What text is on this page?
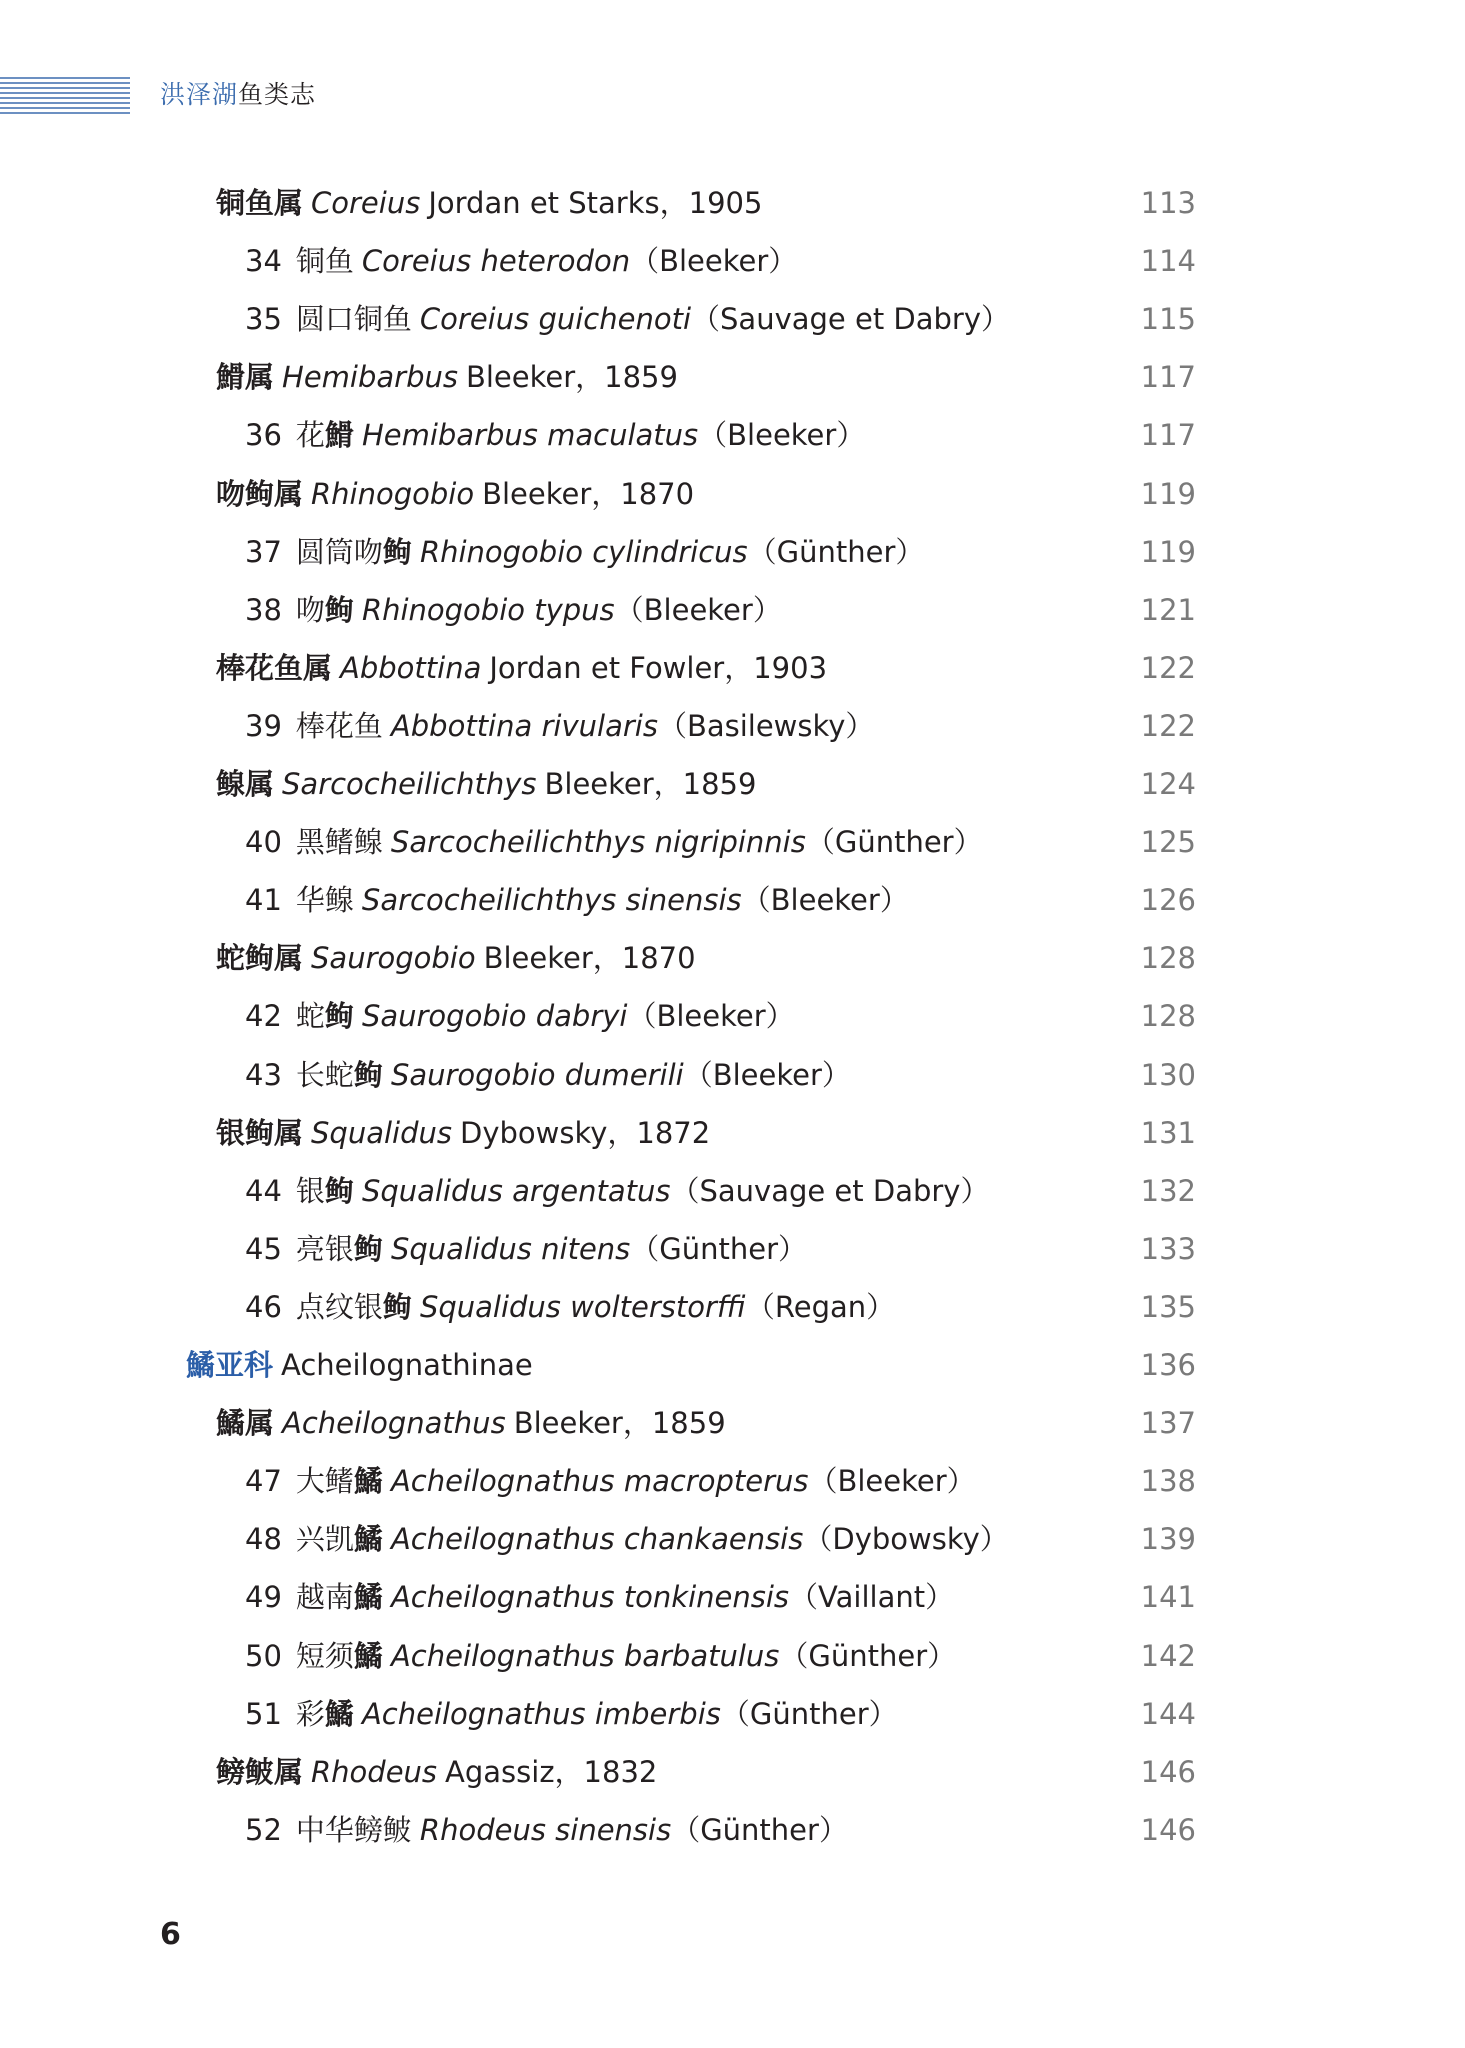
洪泽湖鱼类志
铜鱼属 Coreius Jordan et Starks，1905	113
34 铜鱼 Coreius heterodon（Bleeker）	114
35 圆口铜鱼 Coreius guichenoti（Sauvage et Dabry）	115
䱻属 Hemibarbus Bleeker，1859	117
36 花䱻 Hemibarbus maculatus（Bleeker）	117
吻𬶋属 Rhinogobio Bleeker，1870	119
37 圆筒吻𬶋 Rhinogobio cylindricus（Günther）	119
38 吻𬶋 Rhinogobio typus（Bleeker）	121
棒花鱼属 Abbottina Jordan et Fowler，1903	122
39 棒花鱼 Abbottina rivularis（Basilewsky）	122
鳈属 Sarcocheilichthys Bleeker，1859	124
40 黑鳍鳈 Sarcocheilichthys nigripinnis（Günther）	125
41 华鳈 Sarcocheilichthys sinensis（Bleeker）	126
蛇𬶋属 Saurogobio Bleeker，1870	128
42 蛇𬶋 Saurogobio dabryi（Bleeker）	128
43 长蛇𬶋 Saurogobio dumerili（Bleeker）	130
银𬶋属 Squalidus Dybowsky，1872	131
44 银𬶋 Squalidus argentatus（Sauvage et Dabry）	132
45 亮银𬶋 Squalidus nitens（Günther）	133
46 点纹银𬶋 Squalidus wolterstorffi（Regan）	135
鱊亚科 Acheilognathinae	136
鱊属 Acheilognathus Bleeker，1859	137
47 大鳍鱊 Acheilognathus macropterus（Bleeker）	138
48 兴凯鱊 Acheilognathus chankaensis（Dybowsky）	139
49 越南鱊 Acheilognathus tonkinensis（Vaillant）	141
50 短须鱊 Acheilognathus barbatulus（Günther）	142
51 彩鱊 Acheilognathus imberbis（Günther）	144
鳑鲏属 Rhodeus Agassiz，1832	146
52 中华鳑鲏 Rhodeus sinensis（Günther）	146
6
